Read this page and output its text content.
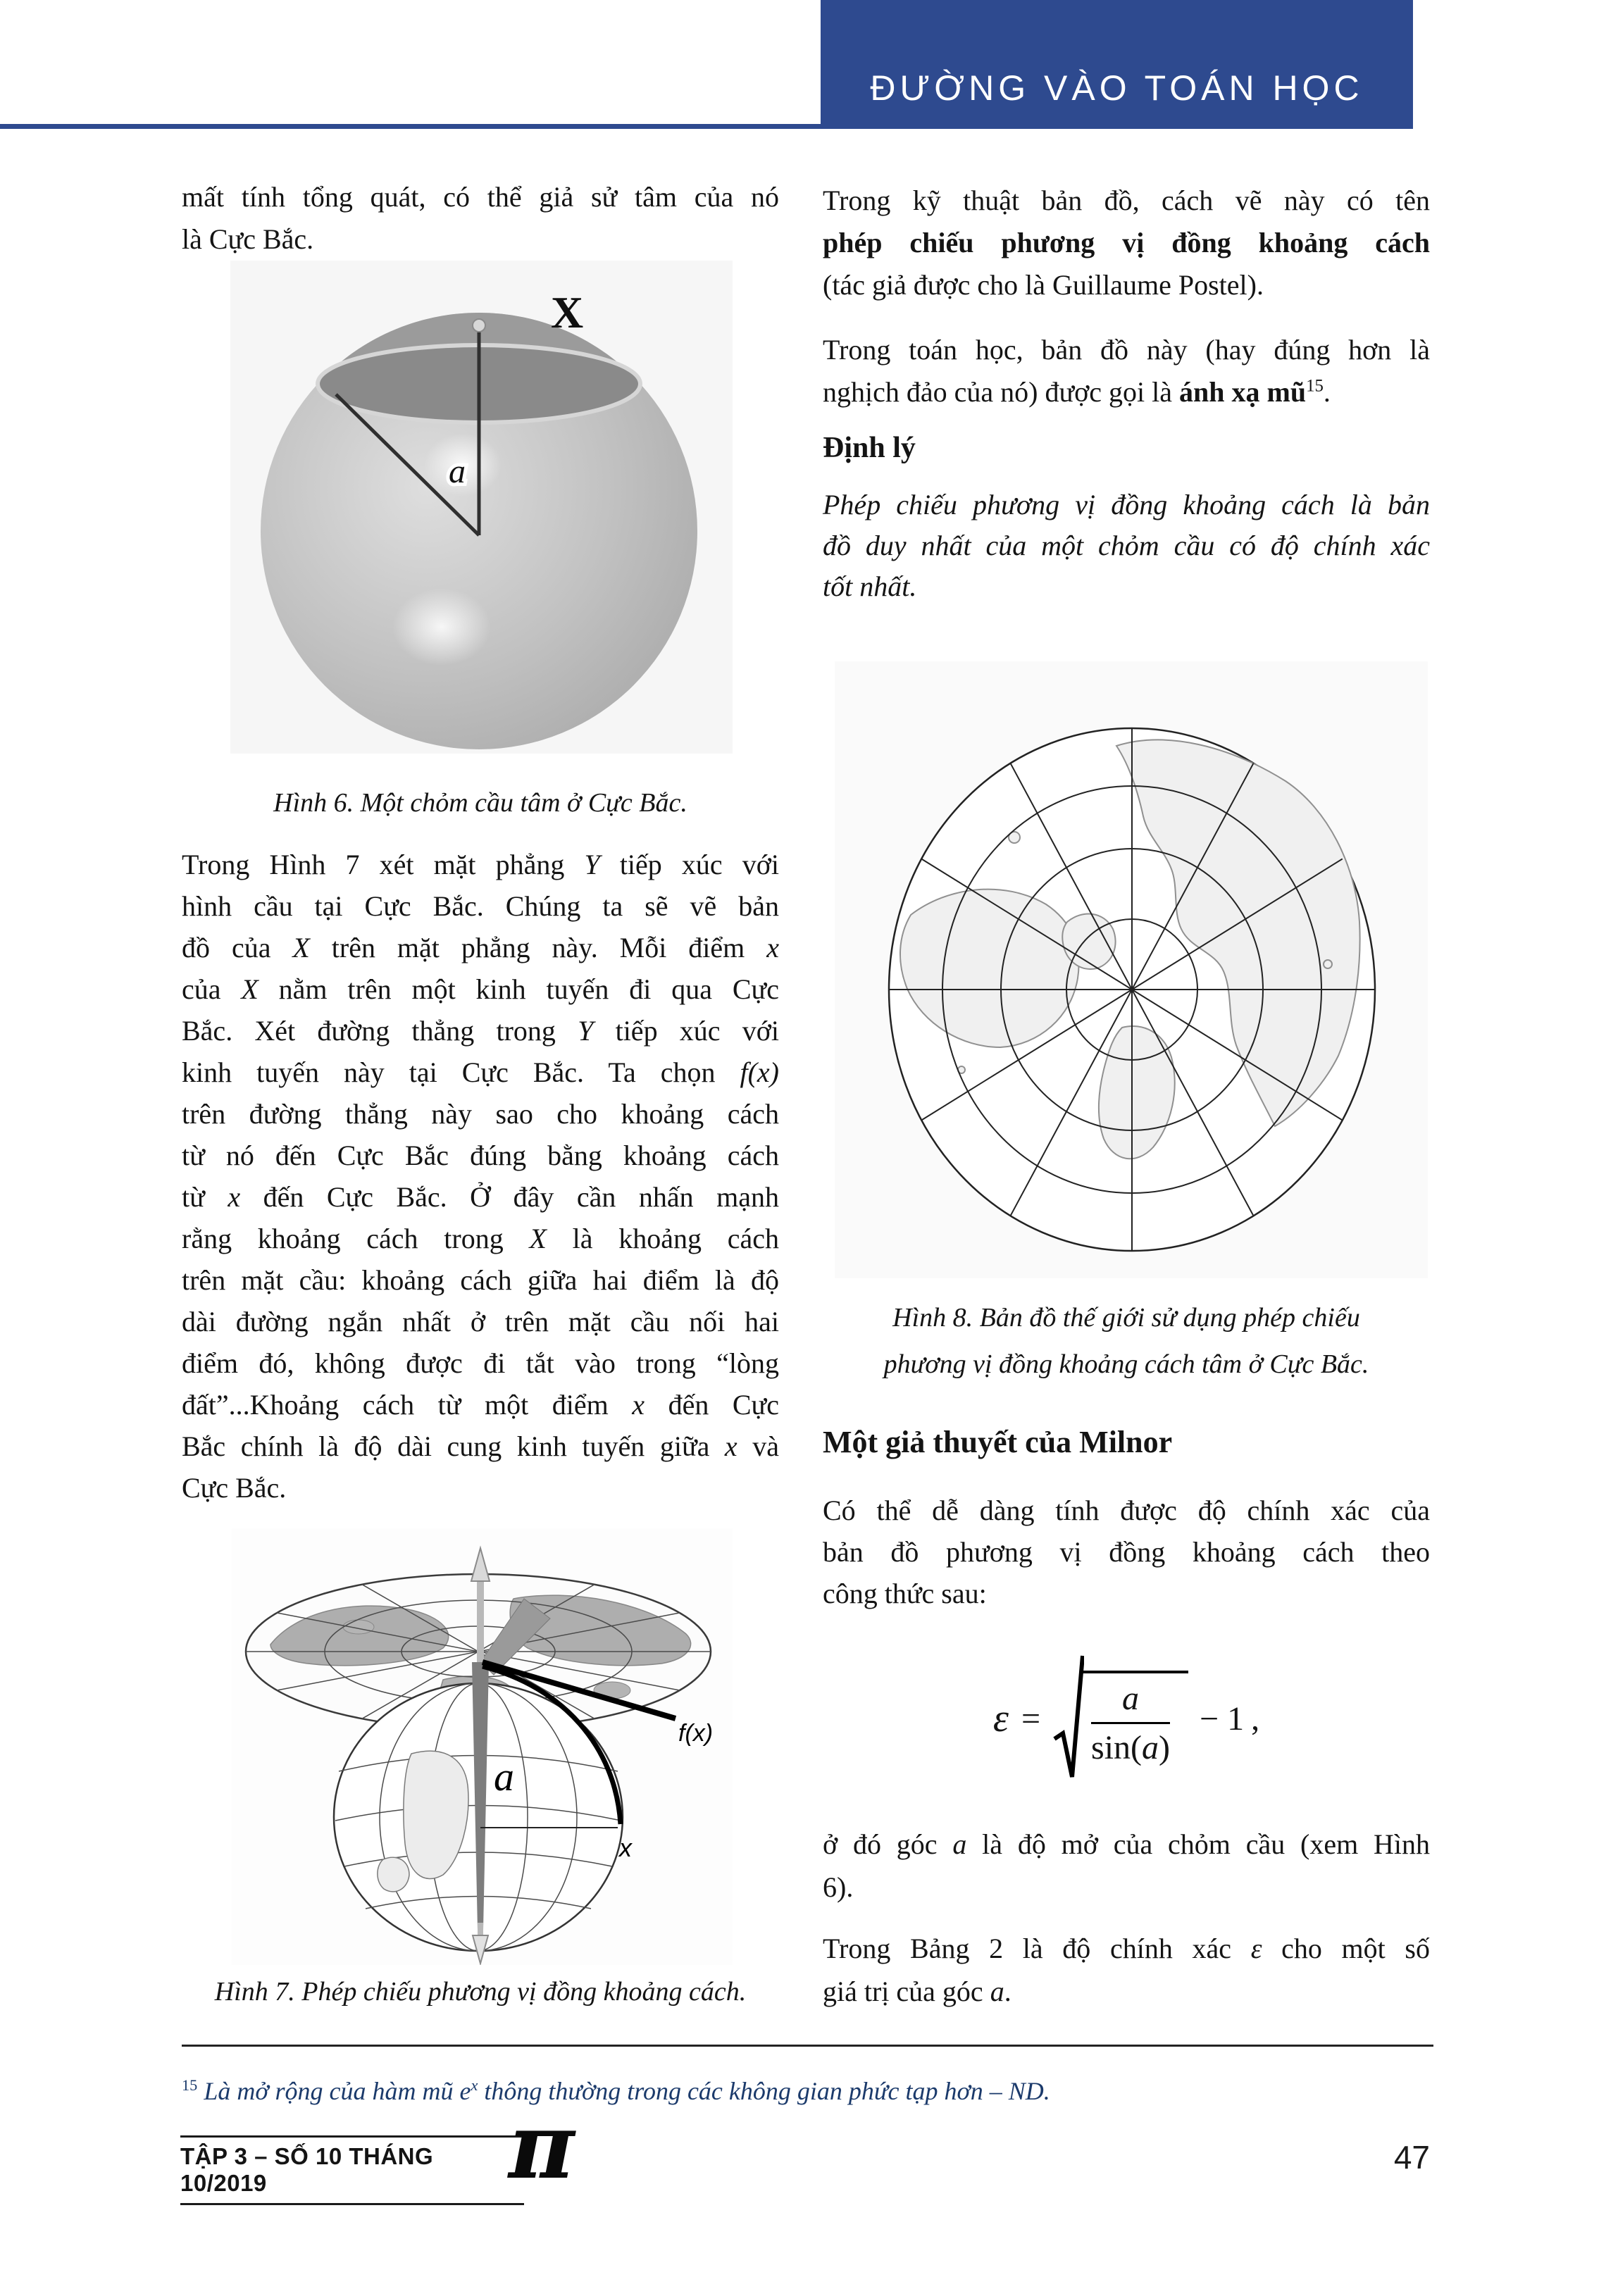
ĐƯỜNG VÀO TOÁN HỌC
mất tính tổng quát, có thể giả sử tâm của nó
là Cực Bắc.
a
X
Hình 6. Một chỏm cầu tâm ở Cực Bắc.
Trong Hình 7 xét mặt phẳng Y tiếp xúc với
hình cầu tại Cực Bắc. Chúng ta sẽ vẽ bản
đồ của X trên mặt phẳng này. Mỗi điểm x
của X nằm trên một kinh tuyến đi qua Cực
Bắc. Xét đường thẳng trong Y tiếp xúc với
kinh tuyến này tại Cực Bắc. Ta chọn f(x)
trên đường thẳng này sao cho khoảng cách
từ nó đến Cực Bắc đúng bằng khoảng cách
từ x đến Cực Bắc. Ở đây cần nhấn mạnh
rằng khoảng cách trong X là khoảng cách
trên mặt cầu: khoảng cách giữa hai điểm là độ
dài đường ngắn nhất ở trên mặt cầu nối hai
điểm đó, không được đi tắt vào trong “lòng
đất”...Khoảng cách từ một điểm x đến Cực
Bắc chính là độ dài cung kinh tuyến giữa x và
Cực Bắc.
f(x)
a
x
Hình 7. Phép chiếu phương vị đồng khoảng cách.
Trong kỹ thuật bản đồ, cách vẽ này có tên
phép chiếu phương vị đồng khoảng cách
(tác giả được cho là Guillaume Postel).
Trong toán học, bản đồ này (hay đúng hơn là
nghịch đảo của nó) được gọi là ánh xạ $mũ^{15}$.
Định lý
Phép chiếu phương vị đồng khoảng cách là bản
đồ duy nhất của một chỏm cầu có độ chính xác
tốt nhất.
Hình 8. Bản đồ thế giới sử dụng phép chiếu
phương vị đồng khoảng cách tâm ở Cực Bắc.
Một giả thuyết của Milnor
Có thể dễ dàng tính được độ chính xác của
bản đồ phương vị đồng khoảng cách theo
công thức sau:
$\varepsilon = \frac{a}{\sin(a)} - 1$ ,
ở đó góc a là độ mở của chỏm cầu (xem Hình
6).
Trong Bảng 2 là độ chính xác ε cho một số
giá trị của góc a.
$^{15}$ Là mở rộng của hàm mũ $e^x$ thông thường trong các không gian phức tạp hơn – ND.
TẬP 3 – SỐ 10 THÁNG 10/2019	π	47
